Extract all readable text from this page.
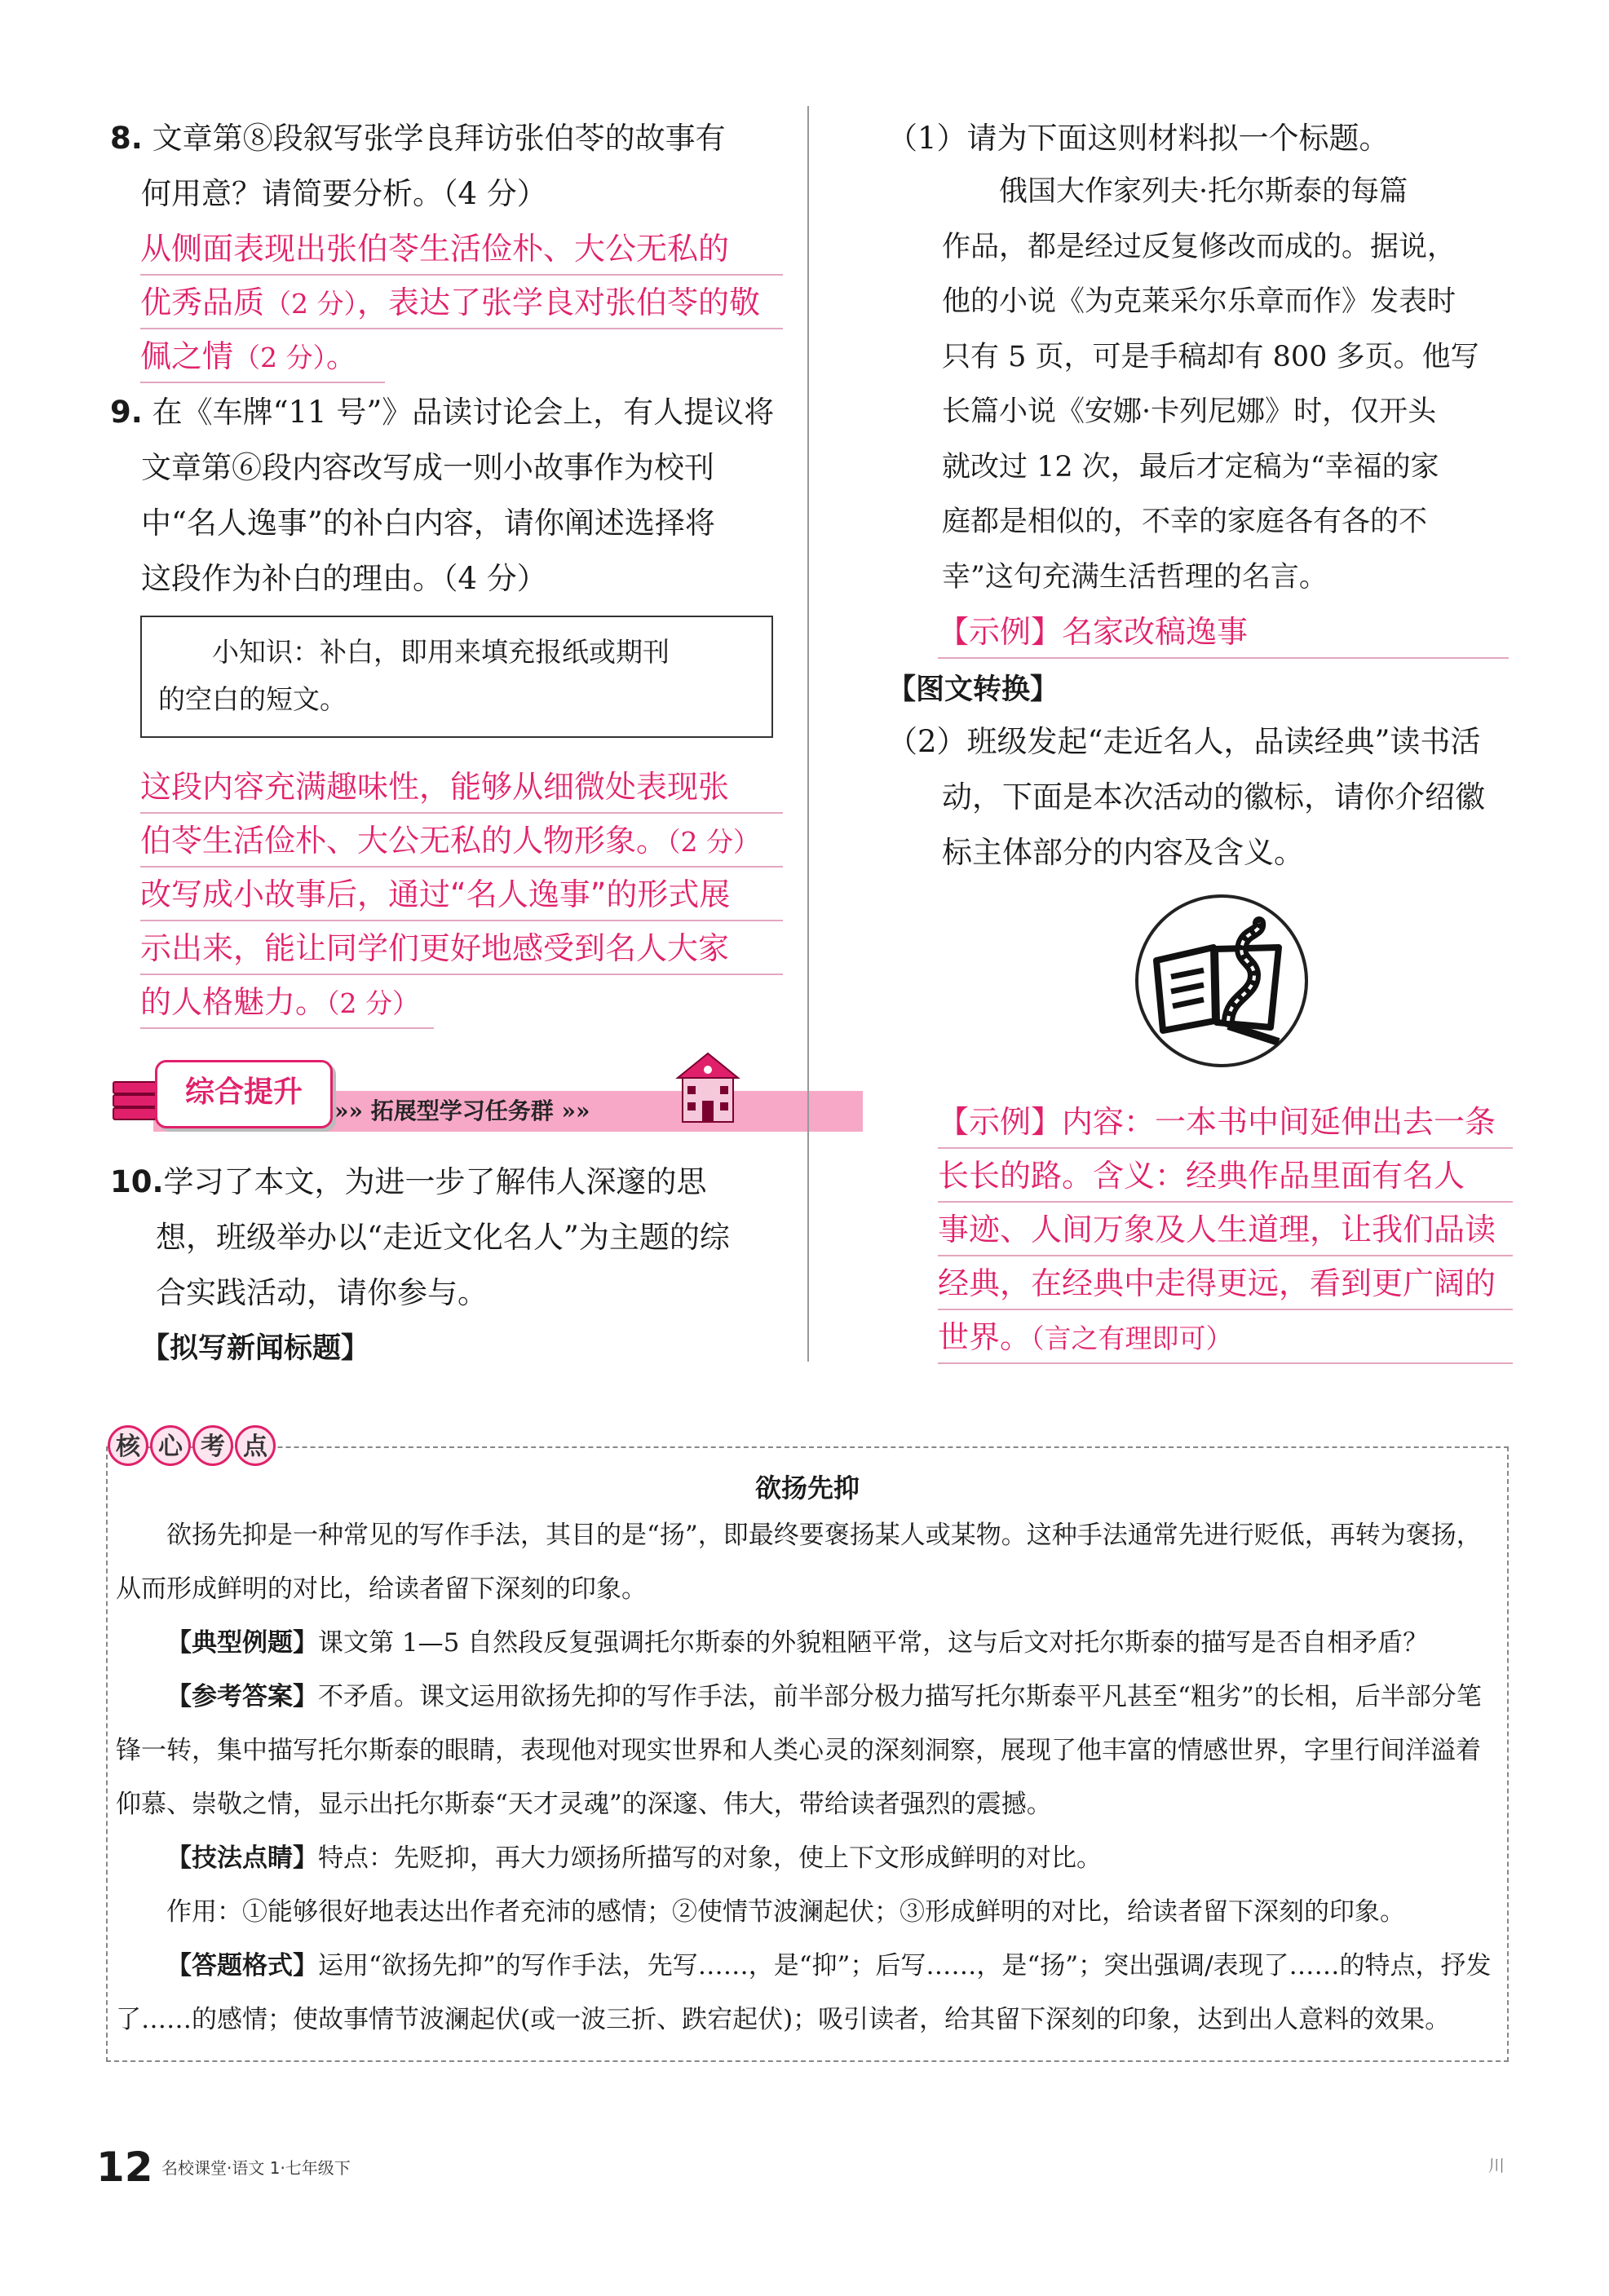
8. 文章第⑧段叙写张学良拜访张伯苓的故事有
何用意？请简要分析。（4 分）
从侧面表现出张伯苓生活俭朴、大公无私的
优秀品质（2 分），表达了张学良对张伯苓的敬
佩之情（2 分）。
9. 在《车牌“11 号”》品读讨论会上，有人提议将
文章第⑥段内容改写成一则小故事作为校刊
中“名人逸事”的补白内容，请你阐述选择将
这段作为补白的理由。（4 分）
小知识：补白，即用来填充报纸或期刊
的空白的短文。
这段内容充满趣味性，能够从细微处表现张
伯苓生活俭朴、大公无私的人物形象。（2 分）
改写成小故事后，通过“名人逸事”的形式展
示出来，能让同学们更好地感受到名人大家
的人格魅力。（2 分）
综合提升
»» 拓展型学习任务群 »»
10.学习了本文，为进一步了解伟人深邃的思
想，班级举办以“走近文化名人”为主题的综
合实践活动，请你参与。
【拟写新闻标题】
（1）请为下面这则材料拟一个标题。
俄国大作家列夫·托尔斯泰的每篇
作品，都是经过反复修改而成的。据说，
他的小说《为克莱采尔乐章而作》发表时
只有 5 页，可是手稿却有 800 多页。他写
长篇小说《安娜·卡列尼娜》时，仅开头
就改过 12 次，最后才定稿为“幸福的家
庭都是相似的，不幸的家庭各有各的不
幸”这句充满生活哲理的名言。
【示例】名家改稿逸事
【图文转换】
（2）班级发起“走近名人，品读经典”读书活
动，下面是本次活动的徽标，请你介绍徽
标主体部分的内容及含义。
【示例】内容：一本书中间延伸出去一条
长长的路。含义：经典作品里面有名人
事迹、人间万象及人生道理，让我们品读
经典，在经典中走得更远，看到更广阔的
世界。（言之有理即可）
核 心 考 点
欲扬先抑

欲扬先抑是一种常见的写作手法，其目的是“扬”，即最终要褒扬某人或某物。这种手法通常先进行贬低，再转为褒扬，从而形成鲜明的对比，给读者留下深刻的印象。

【典型例题】课文第 1—5 自然段反复强调托尔斯泰的外貌粗陋平常，这与后文对托尔斯泰的描写是否自相矛盾？

【参考答案】不矛盾。课文运用欲扬先抑的写作手法，前半部分极力描写托尔斯泰平凡甚至“粗劣”的长相，后半部分笔锋一转，集中描写托尔斯泰的眼睛，表现他对现实世界和人类心灵的深刻洞察，展现了他丰富的情感世界，字里行间洋溢着仰慕、崇敬之情，显示出托尔斯泰“天才灵魂”的深邃、伟大，带给读者强烈的震撼。

【技法点睛】特点：先贬抑，再大力颂扬所描写的对象，使上下文形成鲜明的对比。

作用：①能够很好地表达出作者充沛的感情；②使情节波澜起伏；③形成鲜明的对比，给读者留下深刻的印象。

【答题格式】运用“欲扬先抑”的写作手法，先写……，是“抑”；后写……，是“扬”；突出强调/表现了……的特点，抒发了……的感情；使故事情节波澜起伏(或一波三折、跌宕起伏)；吸引读者，给其留下深刻的印象，达到出人意料的效果。

12 名校课堂·语文 1·七年级下	川
